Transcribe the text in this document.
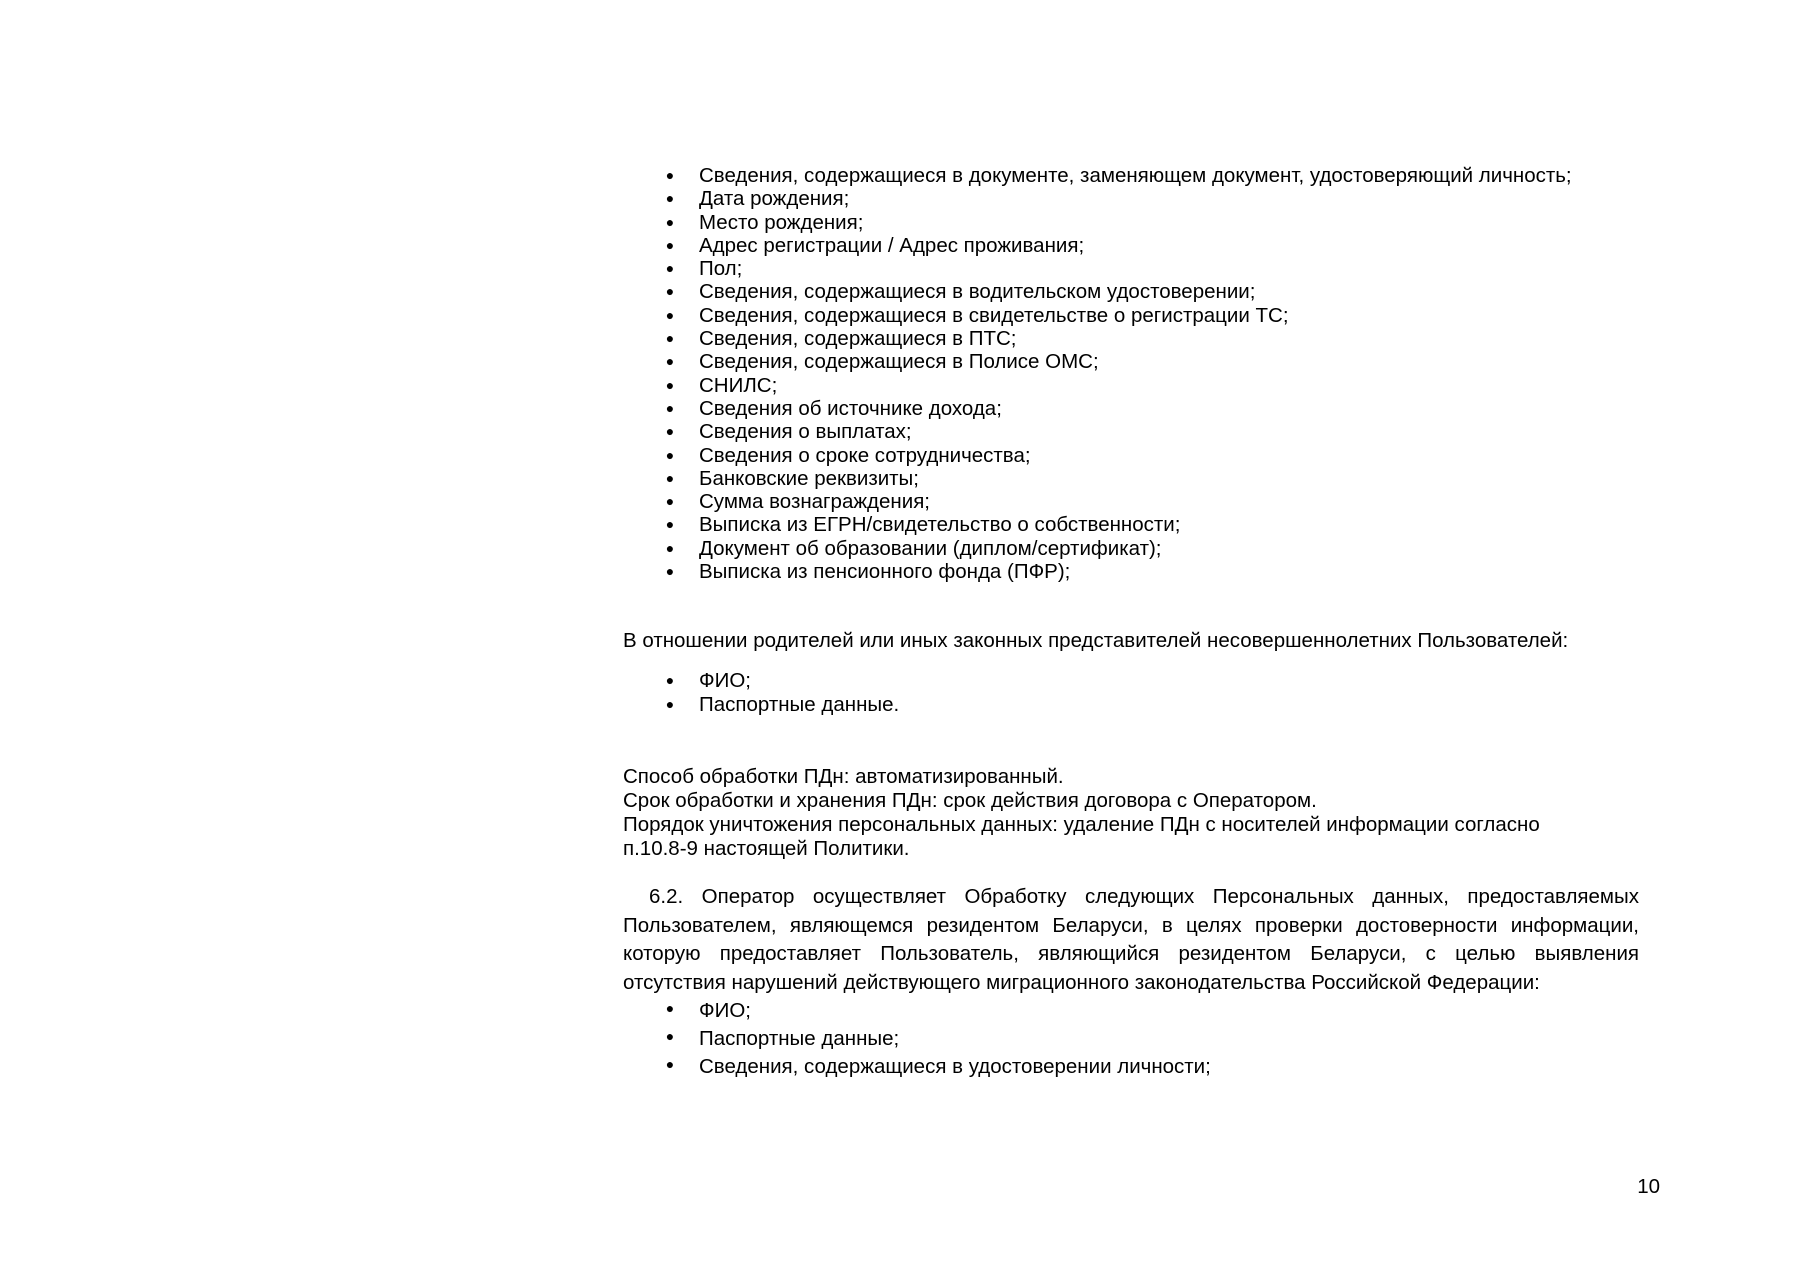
● Сведения, содержащиеся в документе, заменяющем документ, удостоверяющий личность;
● Дата рождения;
● Место рождения;
● Адрес регистрации / Адрес проживания;
● Пол;
● Сведения, содержащиеся в водительском удостоверении;
● Сведения, содержащиеся в свидетельстве о регистрации ТС;
● Сведения, содержащиеся в ПТС;
● Сведения, содержащиеся в Полисе ОМС;
● СНИЛС;
● Сведения об источнике дохода;
● Сведения о выплатах;
● Сведения о сроке сотрудничества;
● Банковские реквизиты;
● Сумма вознаграждения;
● Выписка из ЕГРН/свидетельство о собственности;
● Документ об образовании (диплом/сертификат);
● Выписка из пенсионного фонда (ПФР);

В отношении родителей или иных законных представителей несовершеннолетних Пользователей:

● ФИО;
● Паспортные данные.
Способ обработки ПДн: автоматизированный.
Срок обработки и хранения ПДн: срок действия договора с Оператором.
Порядок уничтожения персональных данных: удаление ПДн с носителей информации согласно
п.10.8-9 настоящей Политики.

6.2. Оператор осуществляет Обработку следующих Персональных данных, предоставляемых Пользователем, являющемся резидентом Беларуси, в целях проверки достоверности информации, которую предоставляет Пользователь, являющийся резидентом Беларуси, с целью выявления отсутствия нарушений действующего миграционного законодательства Российской Федерации:

● ФИО;
● Паспортные данные;
● Сведения, содержащиеся в удостоверении личности;
10
